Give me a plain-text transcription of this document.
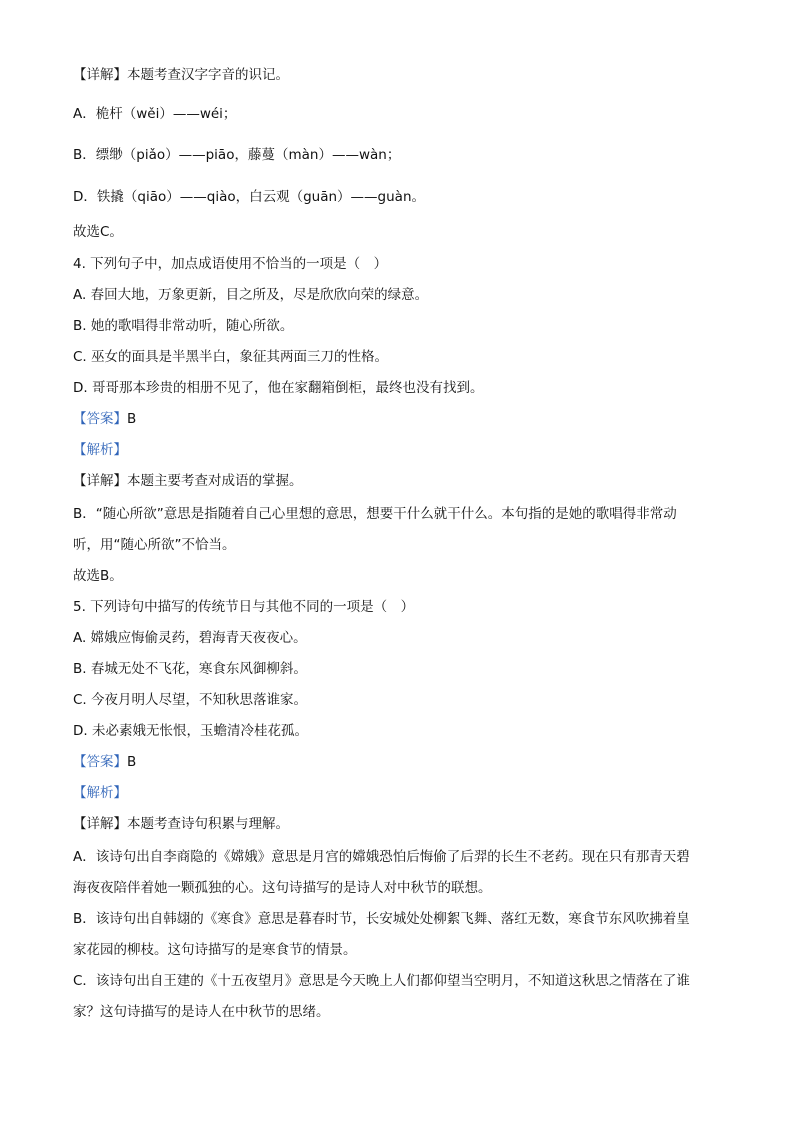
【详解】本题考查汉字字音的识记。
A．桅杆（wěi）——wéi；
B．缥缈（piǎo）——piāo，藤蔓（màn）——wàn；
D．铁撬（qiāo）——qiào，白云观（guān）——guàn。
故选C。
4. 下列句子中，加点成语使用不恰当的一项是（　）
A. 春回大地，万象更新，目之所及，尽是欣欣向荣的绿意。
B. 她的歌唱得非常动听，随心所欲。
C. 巫女的面具是半黑半白，象征其两面三刀的性格。
D. 哥哥那本珍贵的相册不见了，他在家翻箱倒柜，最终也没有找到。
【答案】B
【解析】
【详解】本题主要考查对成语的掌握。
B．“随心所欲”意思是指随着自己心里想的意思，想要干什么就干什么。本句指的是她的歌唱得非常动
听，用“随心所欲”不恰当。
故选B。
5. 下列诗句中描写的传统节日与其他不同的一项是（　）
A. 嫦娥应悔偷灵药，碧海青天夜夜心。
B. 春城无处不飞花，寒食东风御柳斜。
C. 今夜月明人尽望，不知秋思落谁家。
D. 未必素娥无怅恨，玉蟾清冷桂花孤。
【答案】B
【解析】
【详解】本题考查诗句积累与理解。
A．该诗句出自李商隐的《嫦娥》意思是月宫的嫦娥恐怕后悔偷了后羿的长生不老药。现在只有那青天碧
海夜夜陪伴着她一颗孤独的心。这句诗描写的是诗人对中秋节的联想。
B．该诗句出自韩翃的《寒食》意思是暮春时节，长安城处处柳絮飞舞、落红无数，寒食节东风吹拂着皇
家花园的柳枝。这句诗描写的是寒食节的情景。
C．该诗句出自王建的《十五夜望月》意思是今天晚上人们都仰望当空明月，不知道这秋思之情落在了谁
家？这句诗描写的是诗人在中秋节的思绪。
